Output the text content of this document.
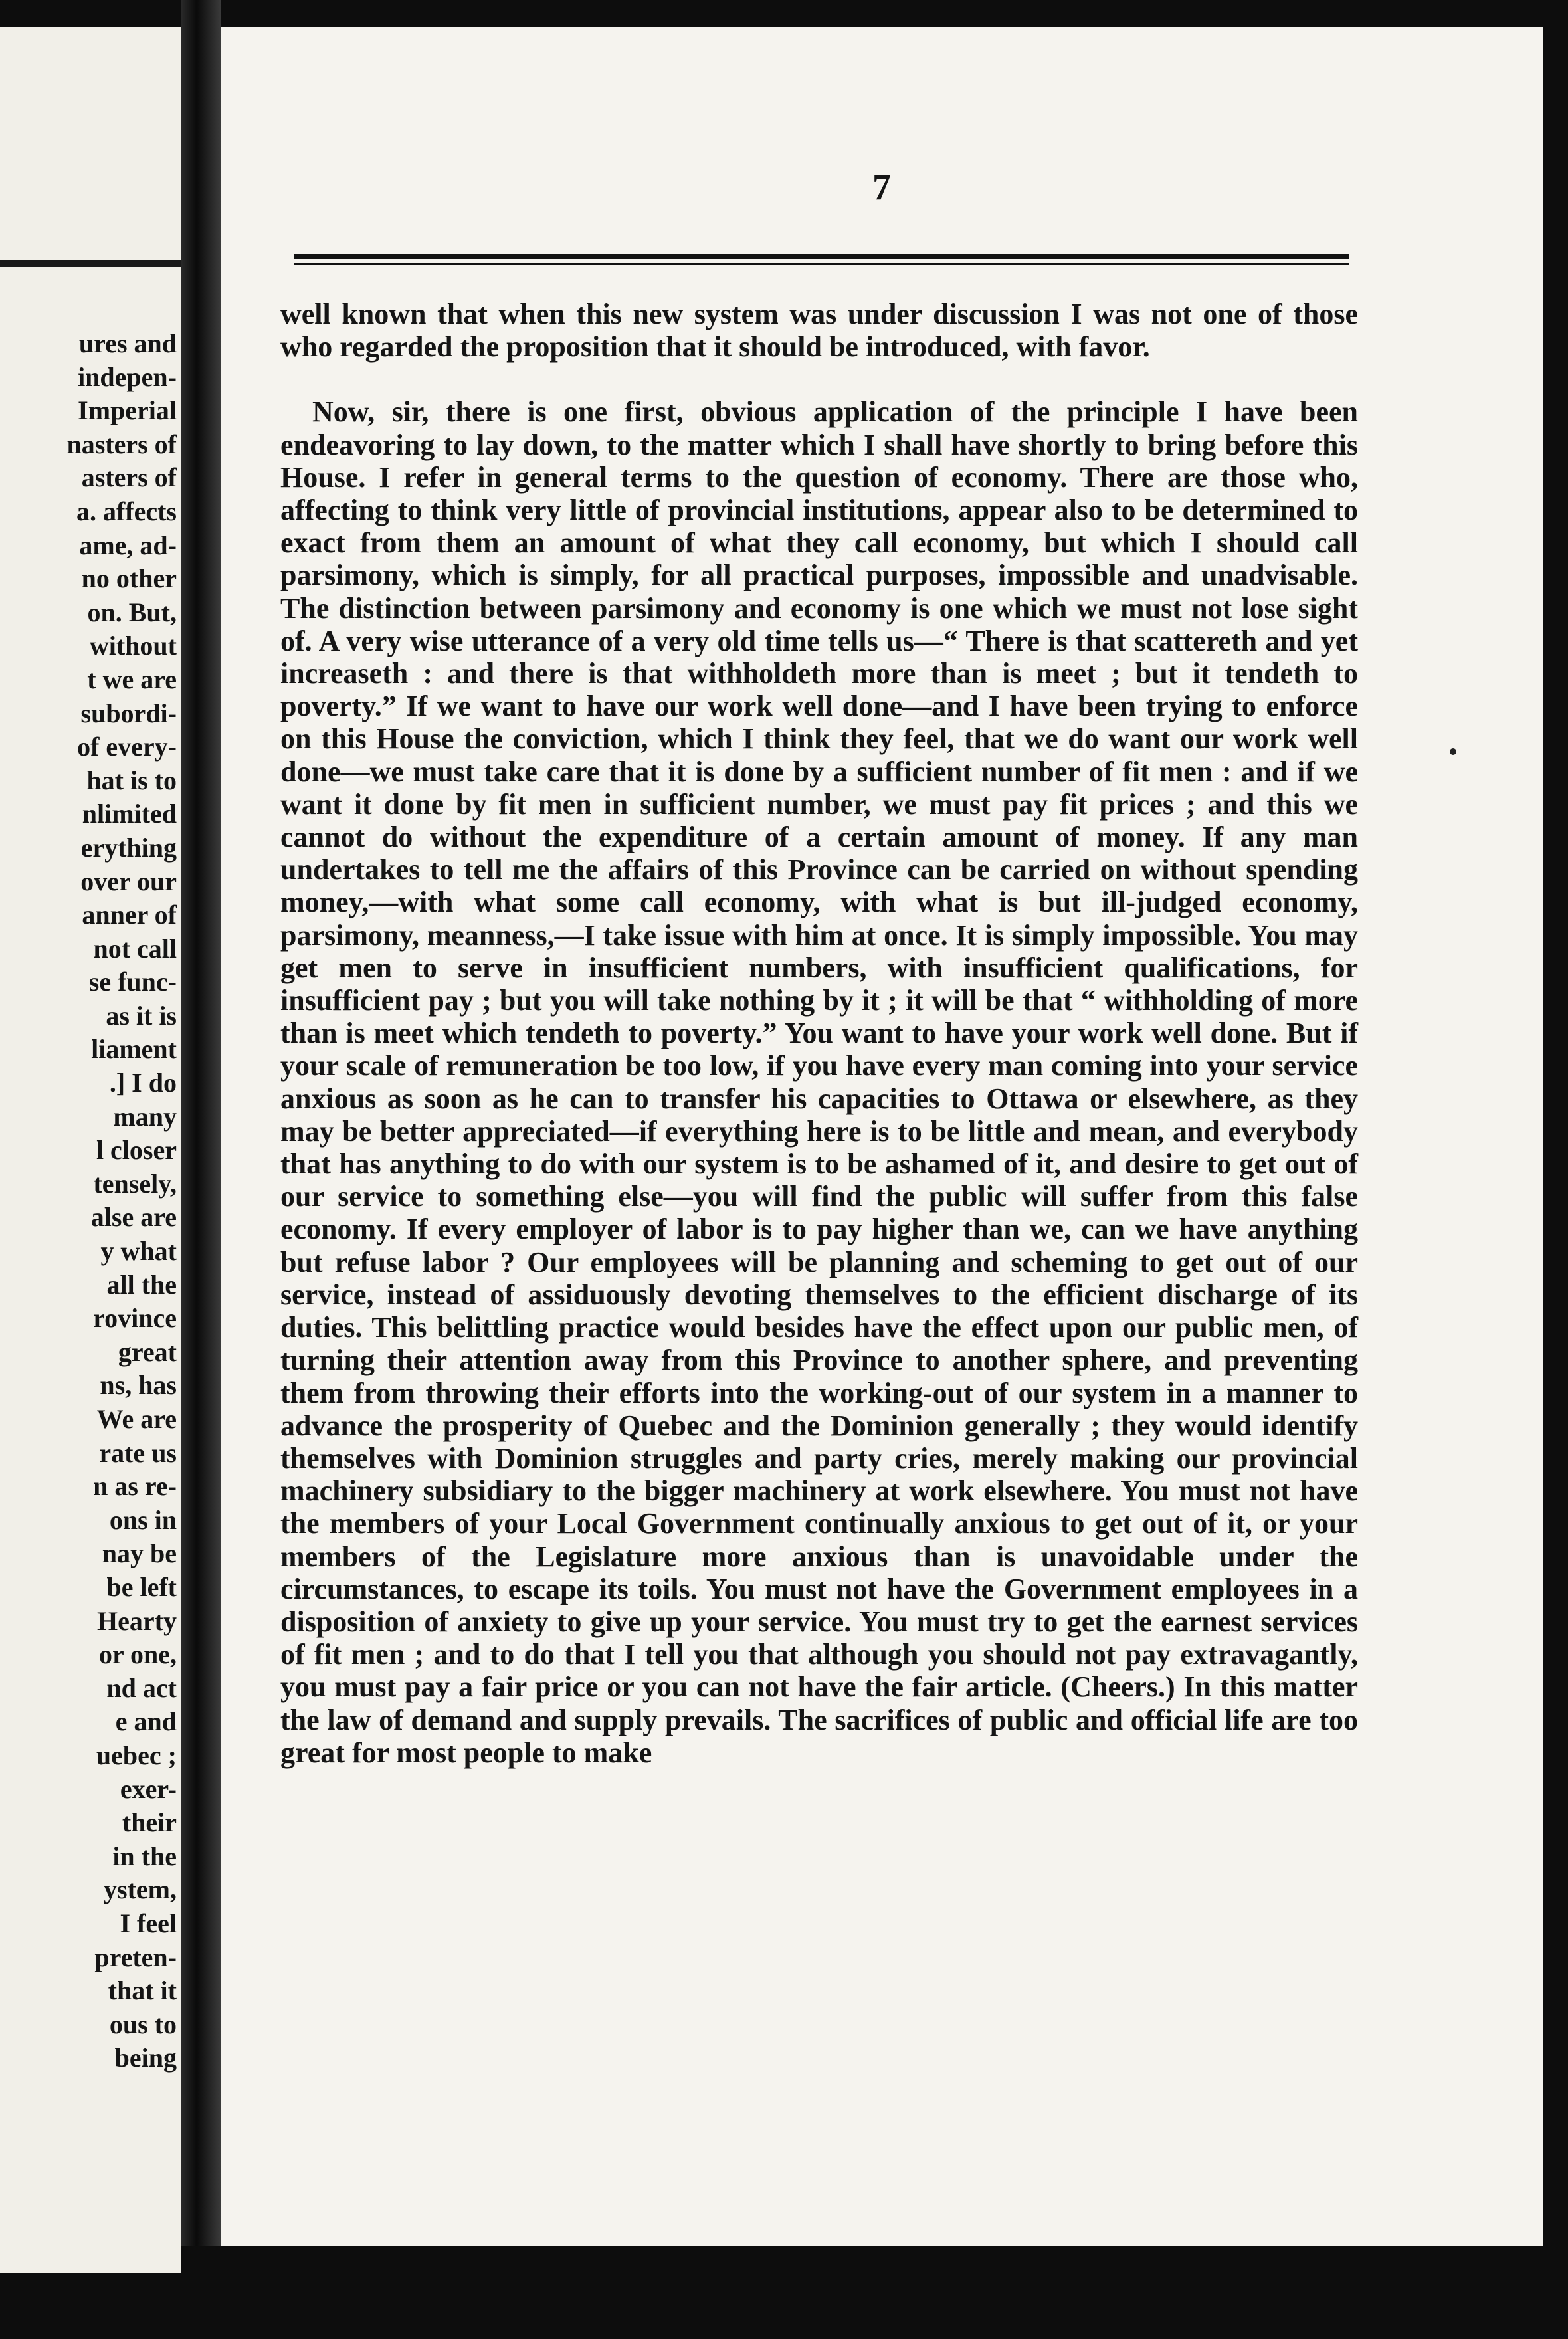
ures and
indepen-
Imperial
nasters of
asters of
a. affects
ame, ad-
no other
on. But,
without
t we are
subordi-
of every-
hat is to
nlimited
erything
over our
anner of
not call
se func-
as it is
liament
.] I do
many
l closer
tensely,
alse are
y what
all the
rovince
great
ns, has
We are
rate us
n as re-
ons in
nay be
be left
Hearty
or one,
nd act
e and
uebec ;
exer-
their
in the
ystem,
I feel
preten-
that it
ous to
being
7

well known that when this new system was under discussion I was not one of those who regarded the proposition that it should be introduced, with favor.

Now, sir, there is one first, obvious application of the principle I have been endeavoring to lay down, to the matter which I shall have shortly to bring before this House. I refer in general terms to the question of economy. There are those who, affecting to think very little of provincial institutions, appear also to be determined to exact from them an amount of what they call economy, but which I should call parsimony, which is simply, for all practical purposes, impossible and unadvisable. The distinction between parsimony and economy is one which we must not lose sight of. A very wise utterance of a very old time tells us—“ There is that scattereth and yet increaseth : and there is that withholdeth more than is meet ; but it tendeth to poverty.” If we want to have our work well done—and I have been trying to enforce on this House the conviction, which I think they feel, that we do want our work well done—we must take care that it is done by a sufficient number of fit men : and if we want it done by fit men in sufficient number, we must pay fit prices ; and this we cannot do without the expenditure of a certain amount of money. If any man undertakes to tell me the affairs of this Province can be carried on without spending money,—with what some call economy, with what is but ill-judged economy, parsimony, meanness,—I take issue with him at once. It is simply impossible. You may get men to serve in insufficient numbers, with insufficient qualifications, for insufficient pay ; but you will take nothing by it ; it will be that “ withholding of more than is meet which tendeth to poverty.” You want to have your work well done. But if your scale of remuneration be too low, if you have every man coming into your service anxious as soon as he can to transfer his capacities to Ottawa or elsewhere, as they may be better appreciated—if everything here is to be little and mean, and everybody that has anything to do with our system is to be ashamed of it, and desire to get out of our service to something else—you will find the public will suffer from this false economy. If every employer of labor is to pay higher than we, can we have anything but refuse labor ? Our employees will be planning and scheming to get out of our service, instead of assiduously devoting themselves to the efficient discharge of its duties. This belittling practice would besides have the effect upon our public men, of turning their attention away from this Province to another sphere, and preventing them from throwing their efforts into the working-out of our system in a manner to advance the prosperity of Quebec and the Dominion generally ; they would identify themselves with Dominion struggles and party cries, merely making our provincial machinery subsidiary to the bigger machinery at work elsewhere. You must not have the members of your Local Government continually anxious to get out of it, or your members of the Legislature more anxious than is unavoidable under the circumstances, to escape its toils. You must not have the Government employees in a disposition of anxiety to give up your service. You must try to get the earnest services of fit men ; and to do that I tell you that although you should not pay extravagantly, you must pay a fair price or you can not have the fair article. (Cheers.) In this matter the law of demand and supply prevails. The sacrifices of public and official life are too great for most people to make
